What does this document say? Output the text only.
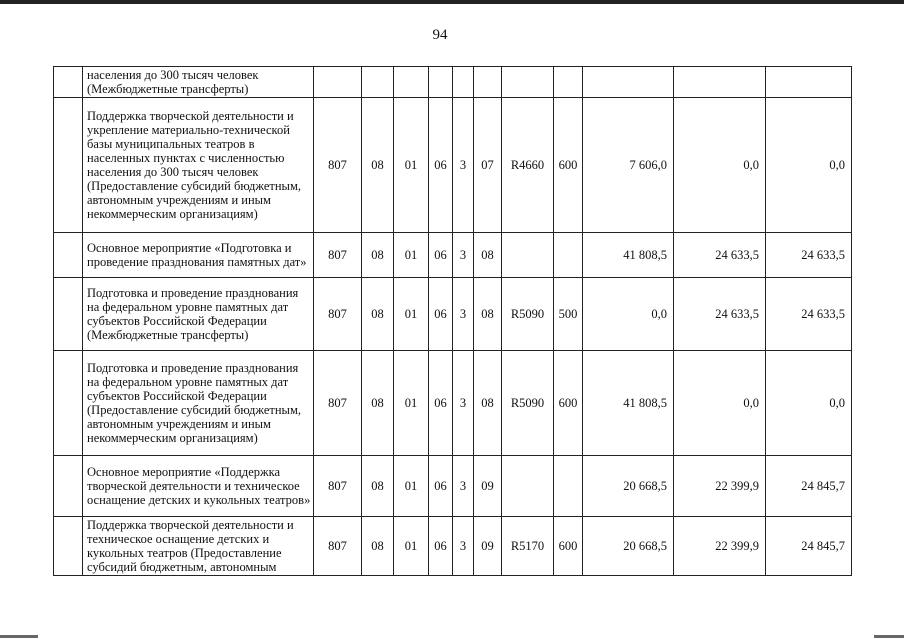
94
	населения до 300 тысяч человек (Межбюджетные трансферты)											
	Поддержка творческой деятельности и укрепление материально-технической базы муниципальных театров в населенных пунктах с численностью населения до 300 тысяч человек (Предоставление субсидий бюджетным, автономным учреждениям и иным некоммерческим организациям)	807	08	01	06	3	07	R4660	600	7 606,0	0,0	0,0
	Основное мероприятие «Подготовка и проведение празднования памятных дат»	807	08	01	06	3	08			41 808,5	24 633,5	24 633,5
	Подготовка и проведение празднования на федеральном уровне памятных дат субъектов Российской Федерации (Межбюджетные трансферты)	807	08	01	06	3	08	R5090	500	0,0	24 633,5	24 633,5
	Подготовка и проведение празднования на федеральном уровне памятных дат субъектов Российской Федерации (Предоставление субсидий бюджетным, автономным учреждениям и иным некоммерческим организациям)	807	08	01	06	3	08	R5090	600	41 808,5	0,0	0,0
	Основное мероприятие «Поддержка творческой деятельности и техническое оснащение детских и кукольных театров»	807	08	01	06	3	09			20 668,5	22 399,9	24 845,7
	Поддержка творческой деятельности и техническое оснащение детских и кукольных театров (Предоставление субсидий бюджетным, автономным	807	08	01	06	3	09	R5170	600	20 668,5	22 399,9	24 845,7
